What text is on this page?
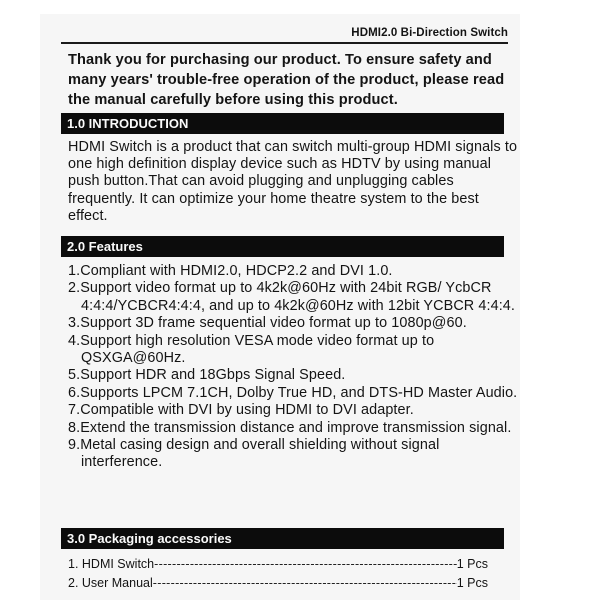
HDMI2.0 Bi-Direction Switch
Thank you for purchasing our product. To ensure safety and many years' trouble-free operation of the product, please read the manual carefully before using this product.
1.0 INTRODUCTION
HDMI Switch is a product that can switch multi-group HDMI signals to one high definition display device such as HDTV by using manual push button.That can avoid plugging and unplugging cables frequently. It can optimize your home theatre system to the best effect.
2.0 Features
1.Compliant with HDMI2.0, HDCP2.2 and DVI 1.0.
2.Support video format up to 4k2k@60Hz with 24bit RGB/ YcbCR 4:4:4/YCBCR4:4:4, and up to 4k2k@60Hz with 12bit YCBCR 4:4:4.
3.Support 3D frame sequential video format up to 1080p@60.
4.Support high resolution VESA mode video format up to QSXGA@60Hz.
5.Support HDR and 18Gbps Signal Speed.
6.Supports LPCM 7.1CH, Dolby True HD, and DTS-HD Master Audio.
7.Compatible with DVI by using HDMI to DVI adapter.
8.Extend the transmission distance and improve transmission signal.
9.Metal casing design and overall shielding without signal interference.
3.0 Packaging accessories
1. HDMI Switch -----	1 Pcs
2. User Manual -----	1 Pcs
